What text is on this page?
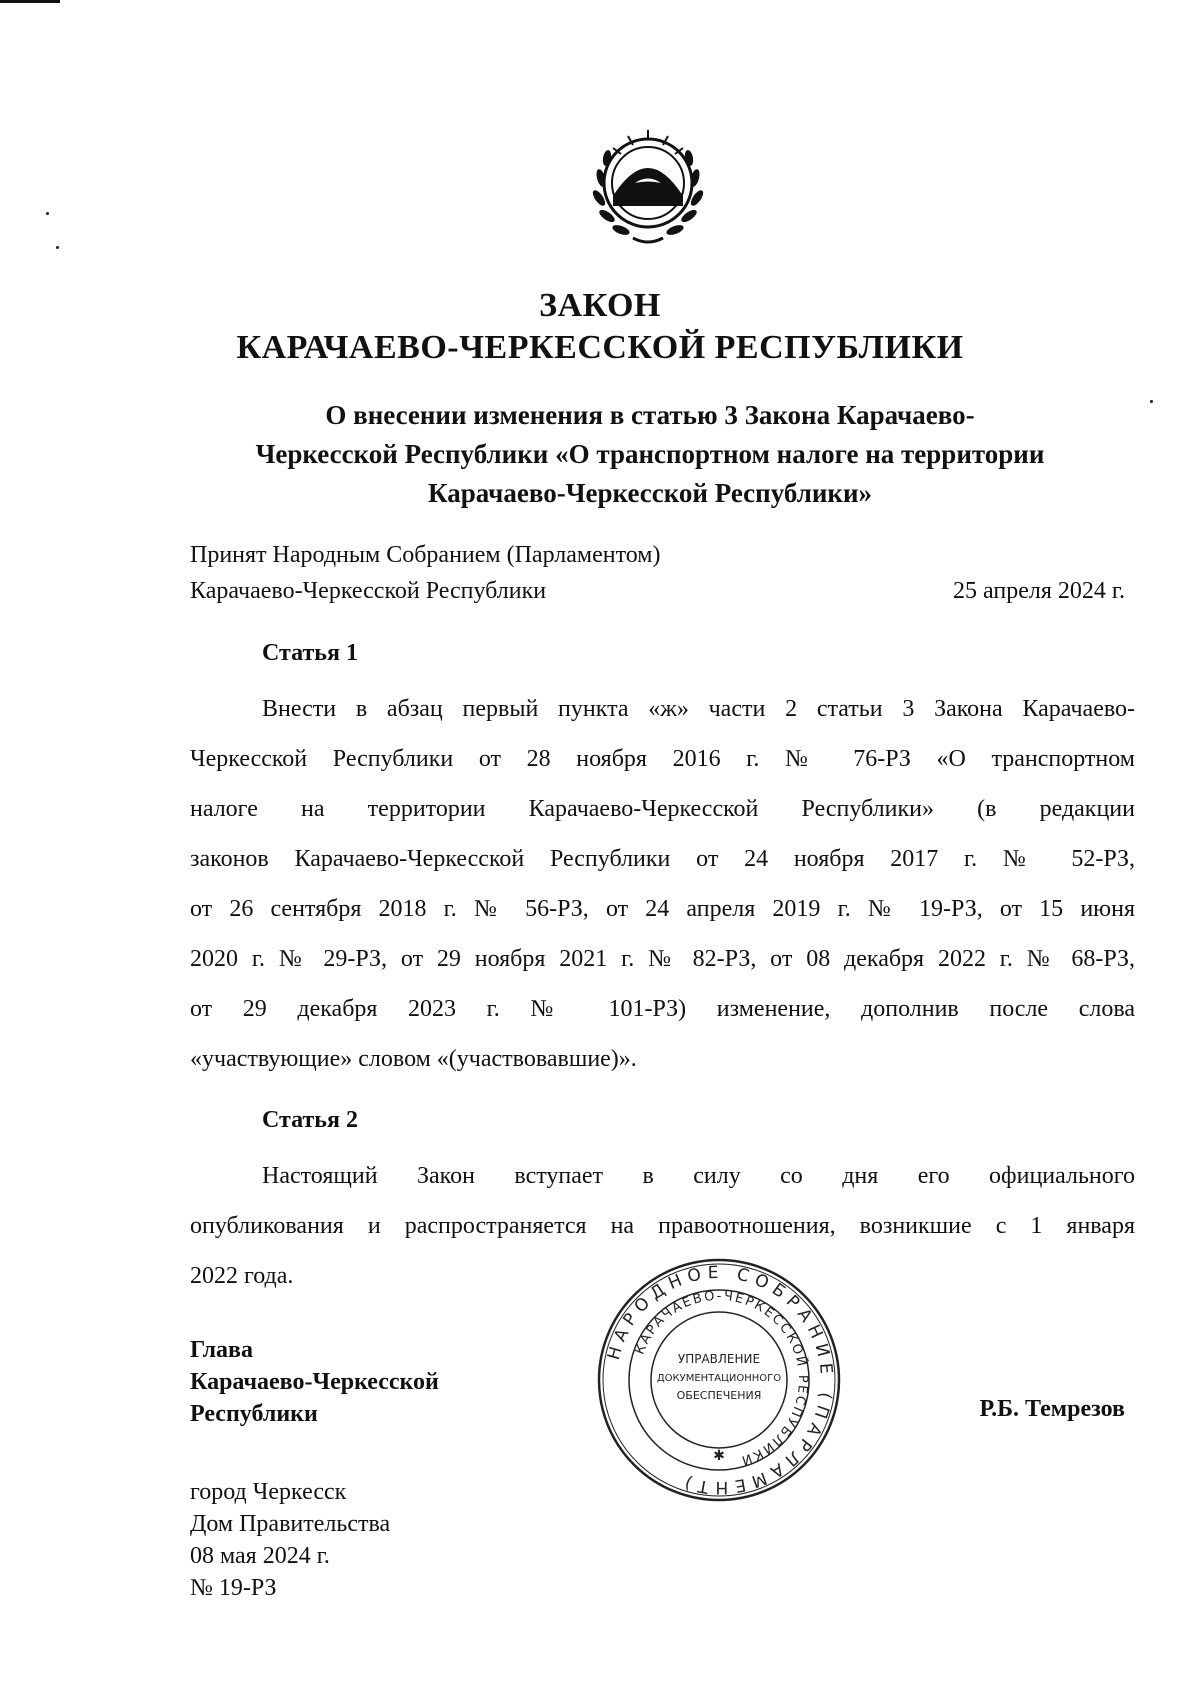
ЗАКОН
КАРАЧАЕВО-ЧЕРКЕССКОЙ РЕСПУБЛИКИ
О внесении изменения в статью 3 Закона Карачаево-
Черкесской Республики «О транспортном налоге на территории
Карачаево-Черкесской Республики»
Принят Народным Собранием (Парламентом)
Карачаево-Черкесской Республики	25 апреля 2024 г.
Статья 1
Внести в абзац первый пункта «ж» части 2 статьи 3 Закона Карачаево-
Черкесской Республики от 28 ноября 2016 г. № 76-РЗ «О транспортном
налоге на территории Карачаево-Черкесской Республики» (в редакции
законов Карачаево-Черкесской Республики от 24 ноября 2017 г. № 52-РЗ,
от 26 сентября 2018 г. № 56-РЗ, от 24 апреля 2019 г. № 19-РЗ, от 15 июня
2020 г. № 29-РЗ, от 29 ноября 2021 г. № 82-РЗ, от 08 декабря 2022 г. № 68-РЗ,
от 29 декабря 2023 г. № 101-РЗ) изменение, дополнив после слова
«участвующие» словом «(участвовавшие)».
Статья 2
Настоящий Закон вступает в силу со дня его официального
опубликования и распространяется на правоотношения, возникшие с 1 января
2022 года.
Глава
Карачаево-Черкесской
Республики	Р.Б. Темрезов
город Черкесск
Дом Правительства
08 мая 2024 г.
№ 19-РЗ
НАРОДНОЕ СОБРАНИЕ (ПАРЛАМЕНТ)
КАРАЧАЕВО-ЧЕРКЕССКОЙ РЕСПУБЛИКИ
УПРАВЛЕНИЕ
ДОКУМЕНТАЦИОННОГО
ОБЕСПЕЧЕНИЯ
✱
